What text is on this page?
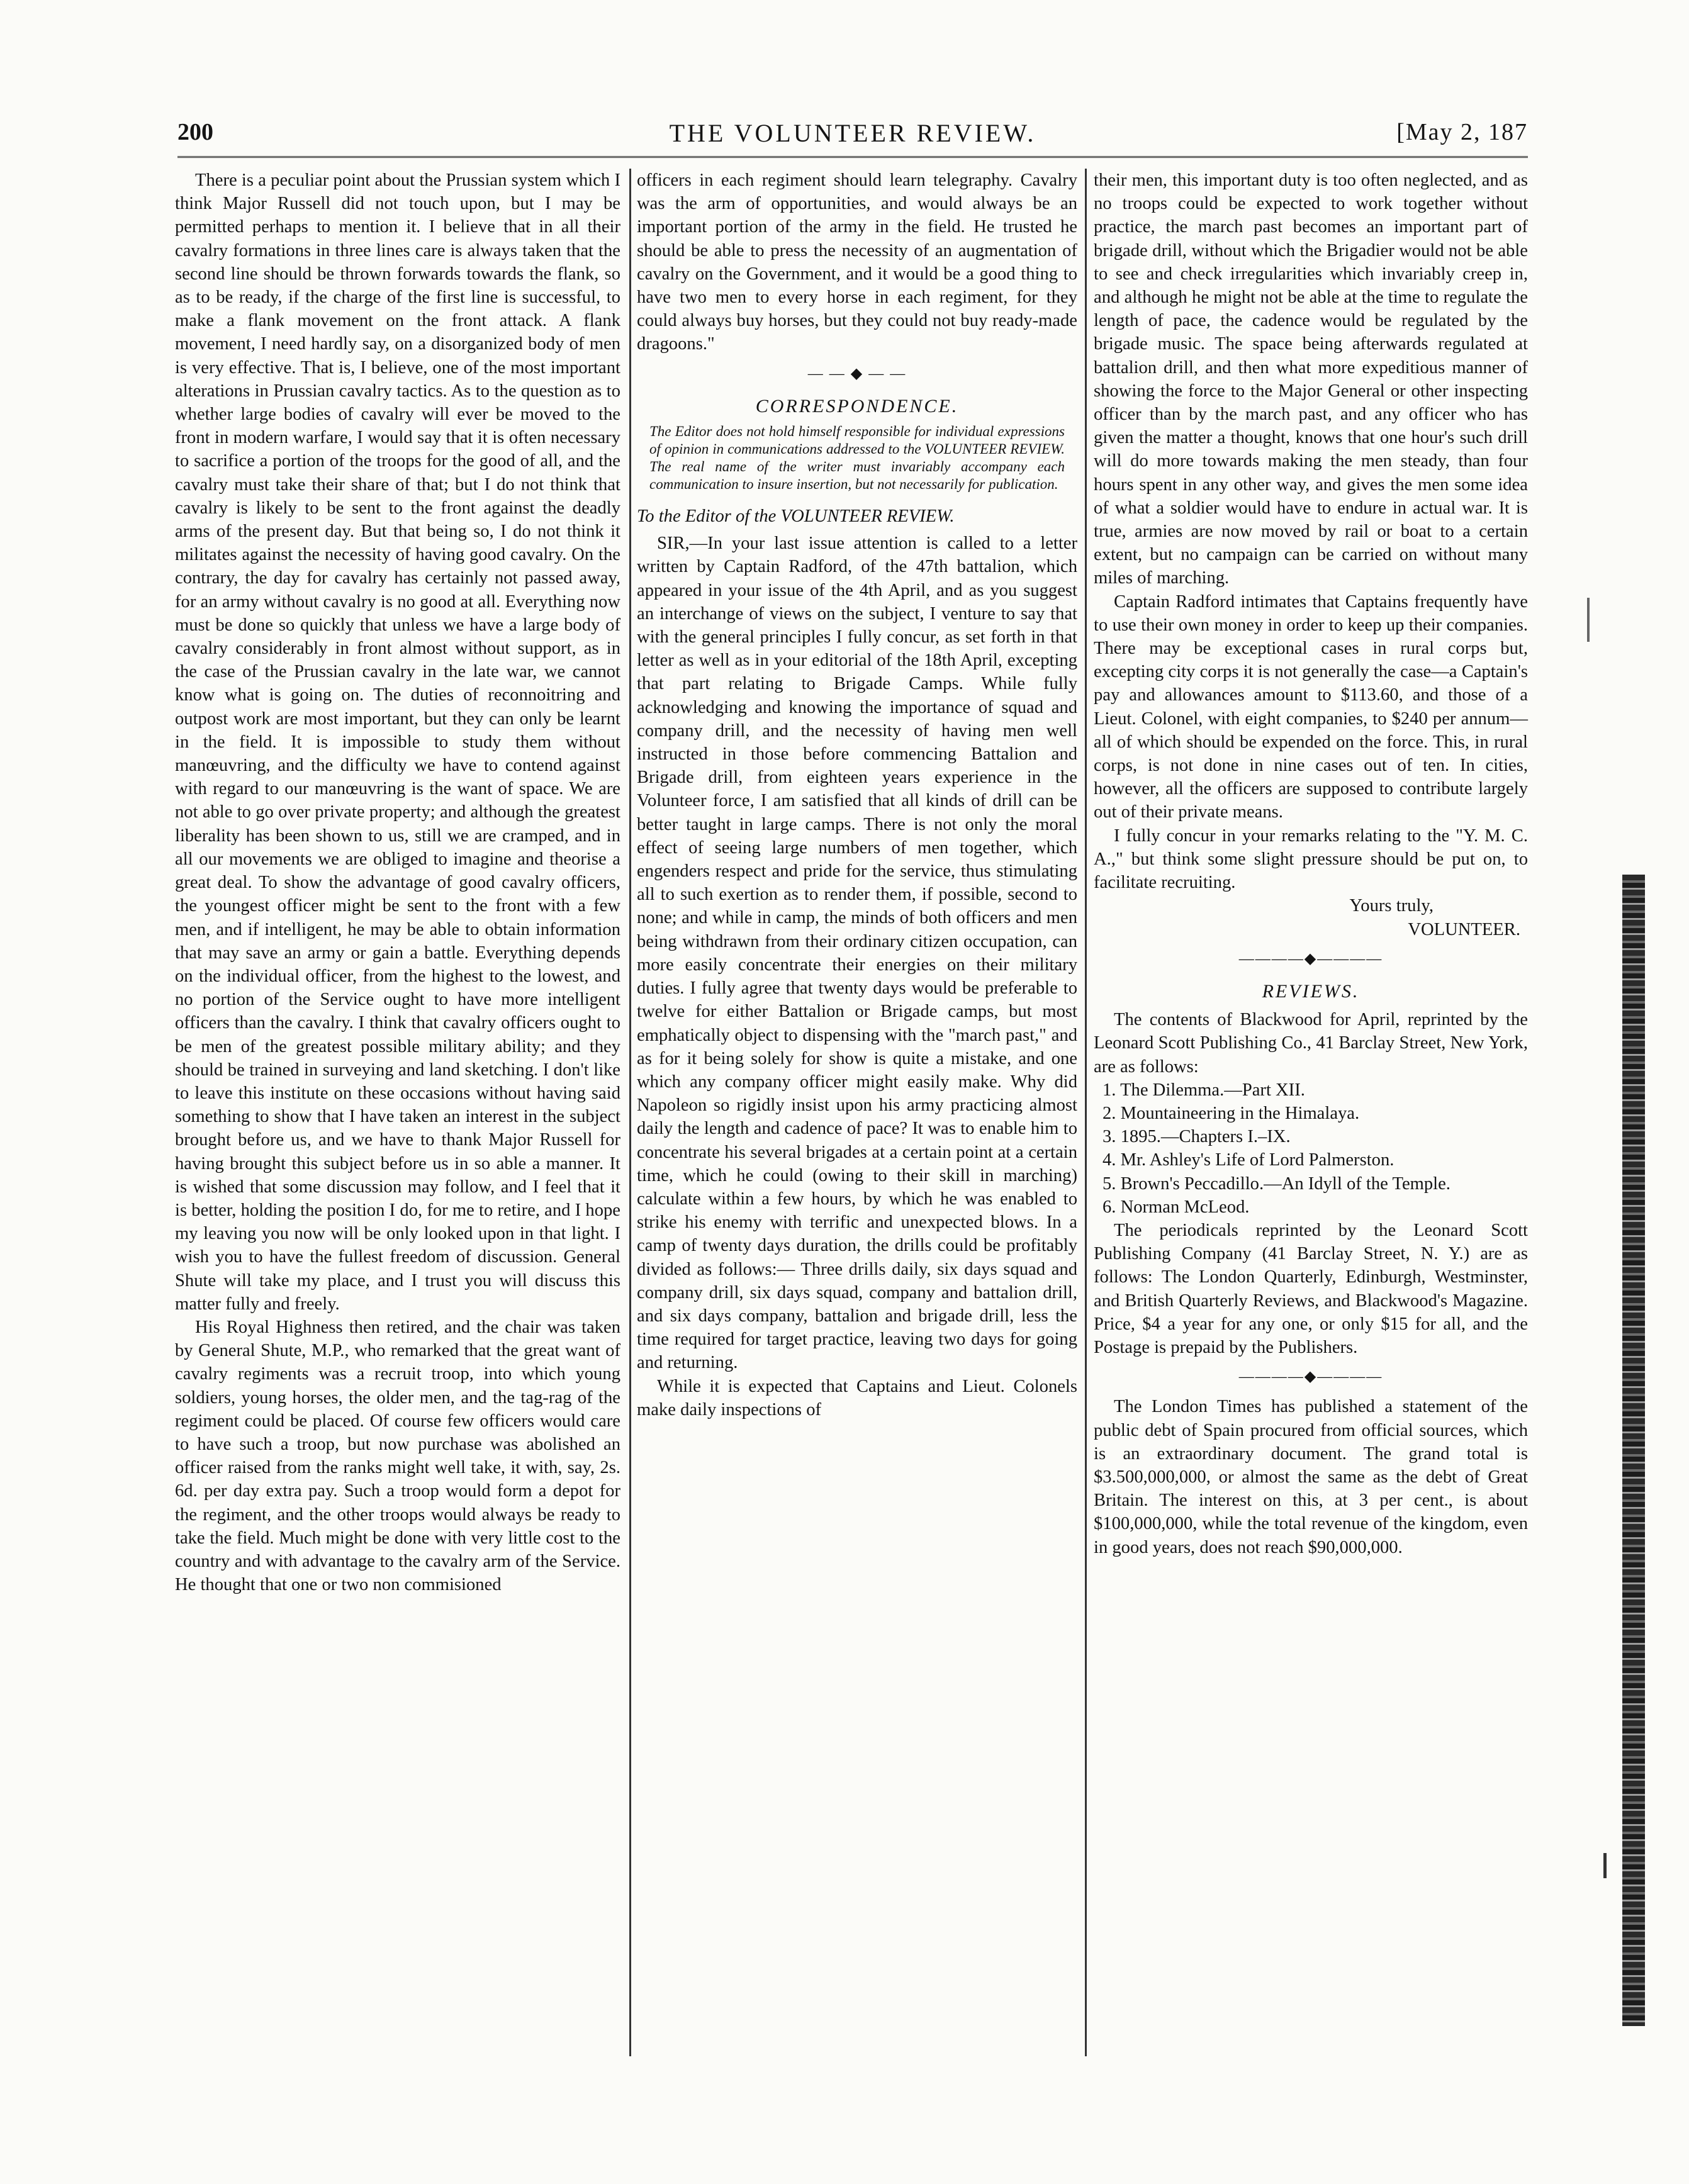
200	THE VOLUNTEER REVIEW.	[May 2, 187

There is a peculiar point about the Prussian system which I think Major Russell did not touch upon, but I may be permitted perhaps to mention it. I believe that in all their cavalry formations in three lines care is always taken that the second line should be thrown forwards towards the flank, so as to be ready, if the charge of the first line is successful, to make a flank movement on the front attack. A flank movement, I need hardly say, on a disorganized body of men is very effective. That is, I believe, one of the most important alterations in Prussian cavalry tactics. As to the question as to whether large bodies of cavalry will ever be moved to the front in modern warfare, I would say that it is often necessary to sacrifice a portion of the troops for the good of all, and the cavalry must take their share of that; but I do not think that cavalry is likely to be sent to the front against the deadly arms of the present day. But that being so, I do not think it militates against the necessity of having good cavalry. On the contrary, the day for cavalry has certainly not passed away, for an army without cavalry is no good at all. Everything now must be done so quickly that unless we have a large body of cavalry considerably in front almost without support, as in the case of the Prussian cavalry in the late war, we cannot know what is going on. The duties of reconnoitring and outpost work are most important, but they can only be learnt in the field. It is impossible to study them without manœuvring, and the difficulty we have to contend against with regard to our manœuvring is the want of space. We are not able to go over private property; and although the greatest liberality has been shown to us, still we are cramped, and in all our movements we are obliged to imagine and theorise a great deal. To show the advantage of good cavalry officers, the youngest officer might be sent to the front with a few men, and if intelligent, he may be able to obtain information that may save an army or gain a battle. Everything depends on the individual officer, from the highest to the lowest, and no portion of the Service ought to have more intelligent officers than the cavalry. I think that cavalry officers ought to be men of the greatest possible military ability; and they should be trained in surveying and land sketching. I don't like to leave this institute on these occasions without having said something to show that I have taken an interest in the subject brought before us, and we have to thank Major Russell for having brought this subject before us in so able a manner. It is wished that some discussion may follow, and I feel that it is better, holding the position I do, for me to retire, and I hope my leaving you now will be only looked upon in that light. I wish you to have the fullest freedom of discussion. General Shute will take my place, and I trust you will discuss this matter fully and freely.

His Royal Highness then retired, and the chair was taken by General Shute, M.P., who remarked that the great want of cavalry regiments was a recruit troop, into which young soldiers, young horses, the older men, and the tag-rag of the regiment could be placed. Of course few officers would care to have such a troop, but now purchase was abolished an officer raised from the ranks might well take, it with, say, 2s. 6d. per day extra pay. Such a troop would form a depot for the regiment, and the other troops would always be ready to take the field. Much might be done with very little cost to the country and with advantage to the cavalry arm of the Service. He thought that one or two non commisioned

officers in each regiment should learn telegraphy. Cavalry was the arm of opportunities, and would always be an important portion of the army in the field. He trusted he should be able to press the necessity of an augmentation of cavalry on the Government, and it would be a good thing to have two men to every horse in each regiment, for they could always buy horses, but they could not buy ready-made dragoons."

— — ◆ — —
CORRESPONDENCE.
The Editor does not hold himself responsible for individual expressions of opinion in communications addressed to the VOLUNTEER REVIEW. The real name of the writer must invariably accompany each communication to insure insertion, but not necessarily for publication.
To the Editor of the VOLUNTEER REVIEW.

SIR,—In your last issue attention is called to a letter written by Captain Radford, of the 47th battalion, which appeared in your issue of the 4th April, and as you suggest an interchange of views on the subject, I venture to say that with the general principles I fully concur, as set forth in that letter as well as in your editorial of the 18th April, excepting that part relating to Brigade Camps. While fully acknowledging and knowing the importance of squad and company drill, and the necessity of having men well instructed in those before commencing Battalion and Brigade drill, from eighteen years experience in the Volunteer force, I am satisfied that all kinds of drill can be better taught in large camps. There is not only the moral effect of seeing large numbers of men together, which engenders respect and pride for the service, thus stimulating all to such exertion as to render them, if possible, second to none; and while in camp, the minds of both officers and men being withdrawn from their ordinary citizen occupation, can more easily concentrate their energies on their military duties. I fully agree that twenty days would be preferable to twelve for either Battalion or Brigade camps, but most emphatically object to dispensing with the "march past," and as for it being solely for show is quite a mistake, and one which any company officer might easily make. Why did Napoleon so rigidly insist upon his army practicing almost daily the length and cadence of pace? It was to enable him to concentrate his several brigades at a certain point at a certain time, which he could (owing to their skill in marching) calculate within a few hours, by which he was enabled to strike his enemy with terrific and unexpected blows. In a camp of twenty days duration, the drills could be profitably divided as follows:— Three drills daily, six days squad and company drill, six days squad, company and battalion drill, and six days company, battalion and brigade drill, less the time required for target practice, leaving two days for going and returning.

While it is expected that Captains and Lieut. Colonels make daily inspections of

their men, this important duty is too often neglected, and as no troops could be expected to work together without practice, the march past becomes an important part of brigade drill, without which the Brigadier would not be able to see and check irregularities which invariably creep in, and although he might not be able at the time to regulate the length of pace, the cadence would be regulated by the brigade music. The space being afterwards regulated at battalion drill, and then what more expeditious manner of showing the force to the Major General or other inspecting officer than by the march past, and any officer who has given the matter a thought, knows that one hour's such drill will do more towards making the men steady, than four hours spent in any other way, and gives the men some idea of what a soldier would have to endure in actual war. It is true, armies are now moved by rail or boat to a certain extent, but no campaign can be carried on without many miles of marching.

Captain Radford intimates that Captains frequently have to use their own money in order to keep up their companies. There may be exceptional cases in rural corps but, excepting city corps it is not generally the case—a Captain's pay and allowances amount to $113.60, and those of a Lieut. Colonel, with eight companies, to $240 per annum—all of which should be expended on the force. This, in rural corps, is not done in nine cases out of ten. In cities, however, all the officers are supposed to contribute largely out of their private means.

I fully concur in your remarks relating to the "Y. M. C. A.," but think some slight pressure should be put on, to facilitate recruiting.

Yours truly,
VOLUNTEER.
————◆————
REVIEWS.

The contents of Blackwood for April, reprinted by the Leonard Scott Publishing Co., 41 Barclay Street, New York, are as follows:

1. The Dilemma.—Part XII.

2. Mountaineering in the Himalaya.

3. 1895.—Chapters I.–IX.

4. Mr. Ashley's Life of Lord Palmerston.

5. Brown's Peccadillo.—An Idyll of the Temple.

6. Norman McLeod.

The periodicals reprinted by the Leonard Scott Publishing Company (41 Barclay Street, N. Y.) are as follows: The London Quarterly, Edinburgh, Westminster, and British Quarterly Reviews, and Blackwood's Magazine. Price, $4 a year for any one, or only $15 for all, and the Postage is prepaid by the Publishers.

————◆————

The London Times has published a statement of the public debt of Spain procured from official sources, which is an extraordinary document. The grand total is $3.500,000,000, or almost the same as the debt of Great Britain. The interest on this, at 3 per cent., is about $100,000,000, while the total revenue of the kingdom, even in good years, does not reach $90,000,000.
